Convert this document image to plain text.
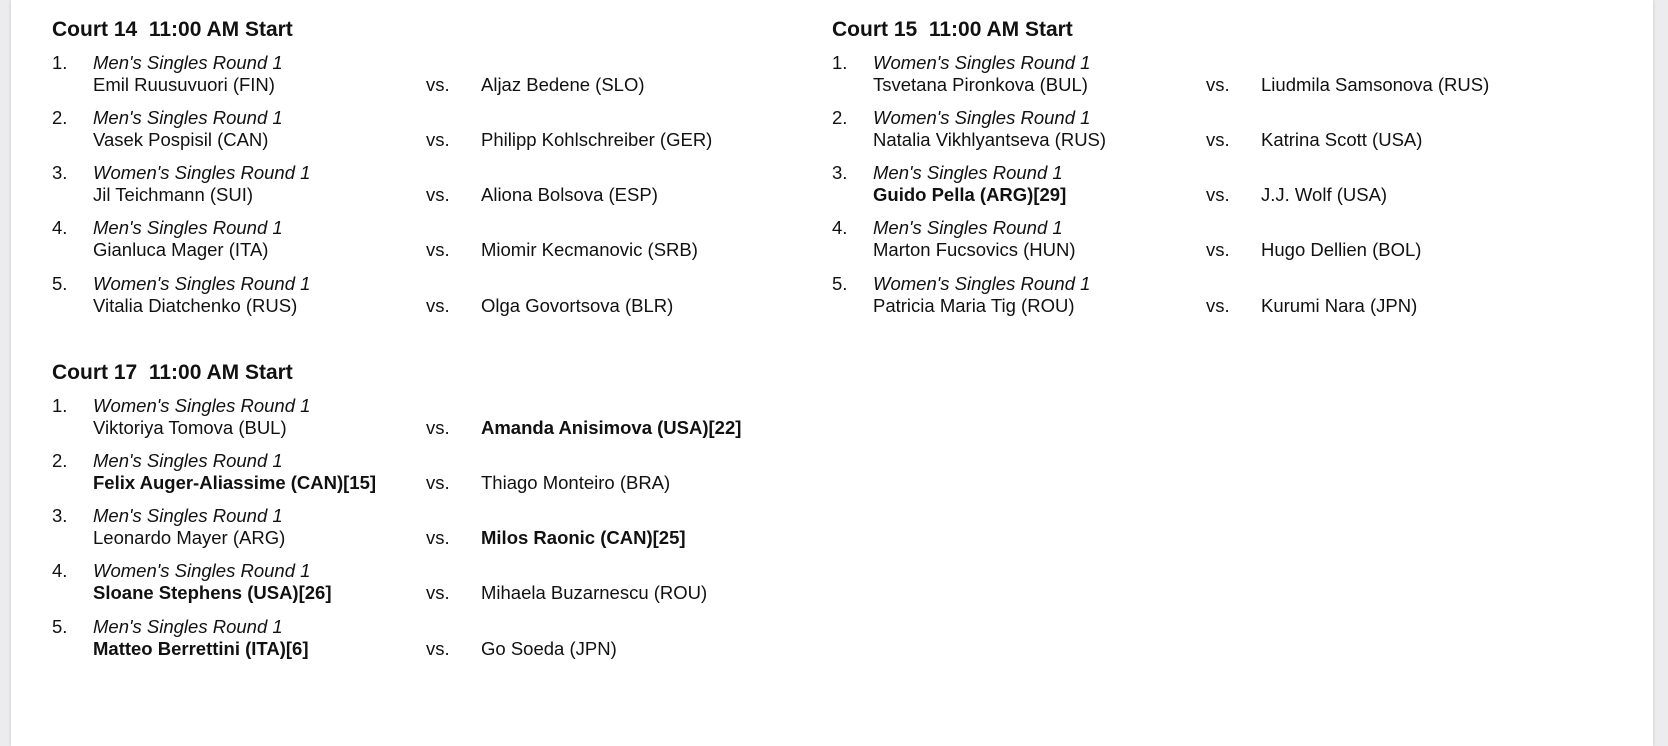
Court 14  11:00 AM Start
1. Men's Singles Round 1
Emil Ruusuvuori (FIN)	vs. Aljaz Bedene (SLO)
2. Men's Singles Round 1
Vasek Pospisil (CAN)	vs. Philipp Kohlschreiber (GER)
3. Women's Singles Round 1
Jil Teichmann (SUI)	vs. Aliona Bolsova (ESP)
4. Men's Singles Round 1
Gianluca Mager (ITA)	vs. Miomir Kecmanovic (SRB)
5. Women's Singles Round 1
Vitalia Diatchenko (RUS)	vs. Olga Govortsova (BLR)
Court 15  11:00 AM Start
1. Women's Singles Round 1
Tsvetana Pironkova (BUL)	vs. Liudmila Samsonova (RUS)
2. Women's Singles Round 1
Natalia Vikhlyantseva (RUS)	vs. Katrina Scott (USA)
3. Men's Singles Round 1
Guido Pella (ARG)[29]	vs. J.J. Wolf (USA)
4. Men's Singles Round 1
Marton Fucsovics (HUN)	vs. Hugo Dellien (BOL)
5. Women's Singles Round 1
Patricia Maria Tig (ROU)	vs. Kurumi Nara (JPN)
Court 17  11:00 AM Start
1. Women's Singles Round 1
Viktoriya Tomova (BUL)	vs. Amanda Anisimova (USA)[22]
2. Men's Singles Round 1
Felix Auger-Aliassime (CAN)[15]	vs. Thiago Monteiro (BRA)
3. Men's Singles Round 1
Leonardo Mayer (ARG)	vs. Milos Raonic (CAN)[25]
4. Women's Singles Round 1
Sloane Stephens (USA)[26]	vs. Mihaela Buzarnescu (ROU)
5. Men's Singles Round 1
Matteo Berrettini (ITA)[6]	vs. Go Soeda (JPN)
